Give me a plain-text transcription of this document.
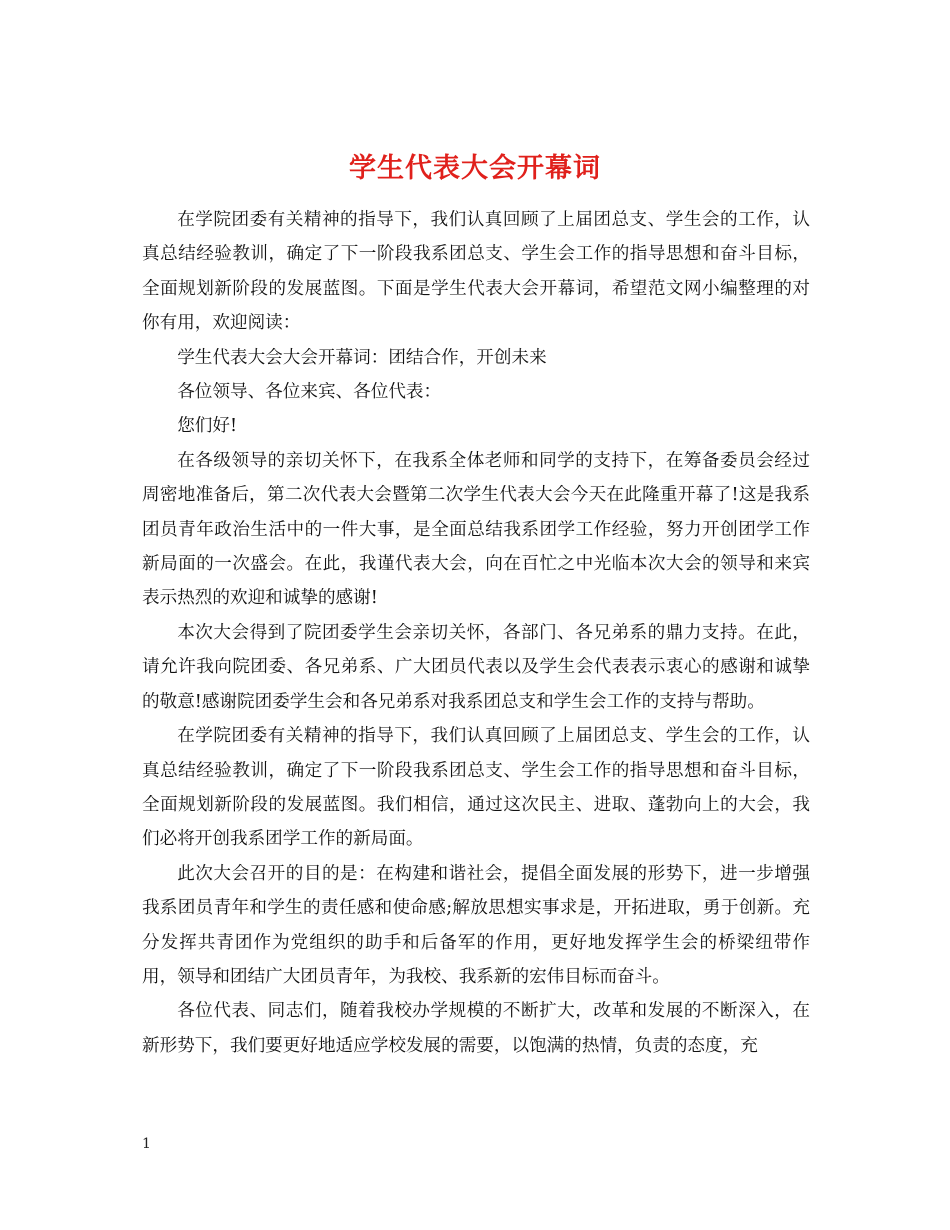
学生代表大会开幕词

在学院团委有关精神的指导下，我们认真回顾了上届团总支、学生会的工作，认真总结经验教训，确定了下一阶段我系团总支、学生会工作的指导思想和奋斗目标，全面规划新阶段的发展蓝图。下面是学生代表大会开幕词，希望范文网小编整理的对你有用，欢迎阅读：

学生代表大会大会开幕词：团结合作，开创未来

各位领导、各位来宾、各位代表：

您们好!

在各级领导的亲切关怀下，在我系全体老师和同学的支持下，在筹备委员会经过周密地准备后，第二次代表大会暨第二次学生代表大会今天在此隆重开幕了!这是我系团员青年政治生活中的一件大事，是全面总结我系团学工作经验，努力开创团学工作新局面的一次盛会。在此，我谨代表大会，向在百忙之中光临本次大会的领导和来宾表示热烈的欢迎和诚挚的感谢!

本次大会得到了院团委学生会亲切关怀，各部门、各兄弟系的鼎力支持。在此，请允许我向院团委、各兄弟系、广大团员代表以及学生会代表表示衷心的感谢和诚挚的敬意!感谢院团委学生会和各兄弟系对我系团总支和学生会工作的支持与帮助。

在学院团委有关精神的指导下，我们认真回顾了上届团总支、学生会的工作，认真总结经验教训，确定了下一阶段我系团总支、学生会工作的指导思想和奋斗目标，全面规划新阶段的发展蓝图。我们相信，通过这次民主、进取、蓬勃向上的大会，我们必将开创我系团学工作的新局面。

此次大会召开的目的是：在构建和谐社会，提倡全面发展的形势下，进一步增强我系团员青年和学生的责任感和使命感;解放思想实事求是，开拓进取，勇于创新。充分发挥共青团作为党组织的助手和后备军的作用，更好地发挥学生会的桥梁纽带作用，领导和团结广大团员青年，为我校、我系新的宏伟目标而奋斗。

各位代表、同志们，随着我校办学规模的不断扩大，改革和发展的不断深入，在新形势下，我们要更好地适应学校发展的需要，以饱满的热情，负责的态度，充

1
